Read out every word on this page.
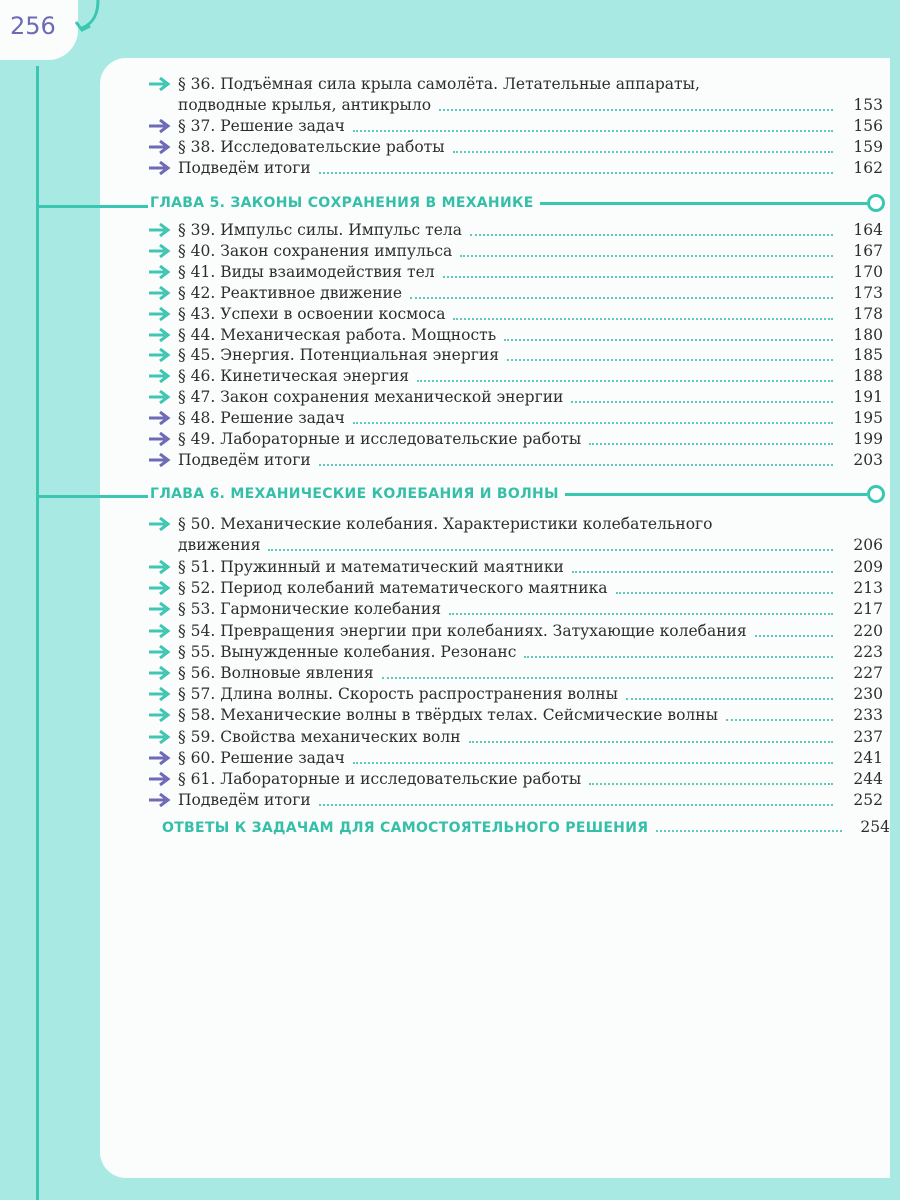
256
§ 36. Подъёмная сила крыла самолёта. Летательные аппараты,
подводные крылья, антикрыло	153
§ 37. Решение задач	156
§ 38. Исследовательские работы	159
Подведём итоги	162
ГЛАВА 5. ЗАКОНЫ СОХРАНЕНИЯ В МЕХАНИКЕ
§ 39. Импульс силы. Импульс тела	164
§ 40. Закон сохранения импульса	167
§ 41. Виды взаимодействия тел	170
§ 42. Реактивное движение	173
§ 43. Успехи в освоении космоса	178
§ 44. Механическая работа. Мощность	180
§ 45. Энергия. Потенциальная энергия	185
§ 46. Кинетическая энергия	188
§ 47. Закон сохранения механической энергии	191
§ 48. Решение задач	195
§ 49. Лабораторные и исследовательские работы	199
Подведём итоги	203
ГЛАВА 6. МЕХАНИЧЕСКИЕ КОЛЕБАНИЯ И ВОЛНЫ
§ 50. Механические колебания. Характеристики колебательного
движения	206
§ 51. Пружинный и математический маятники	209
§ 52. Период колебаний математического маятника	213
§ 53. Гармонические колебания	217
§ 54. Превращения энергии при колебаниях. Затухающие колебания	220
§ 55. Вынужденные колебания. Резонанс	223
§ 56. Волновые явления	227
§ 57. Длина волны. Скорость распространения волны	230
§ 58. Механические волны в твёрдых телах. Сейсмические волны	233
§ 59. Свойства механических волн	237
§ 60. Решение задач	241
§ 61. Лабораторные и исследовательские работы	244
Подведём итоги	252
ОТВЕТЫ К ЗАДАЧАМ ДЛЯ САМОСТОЯТЕЛЬНОГО РЕШЕНИЯ	254
